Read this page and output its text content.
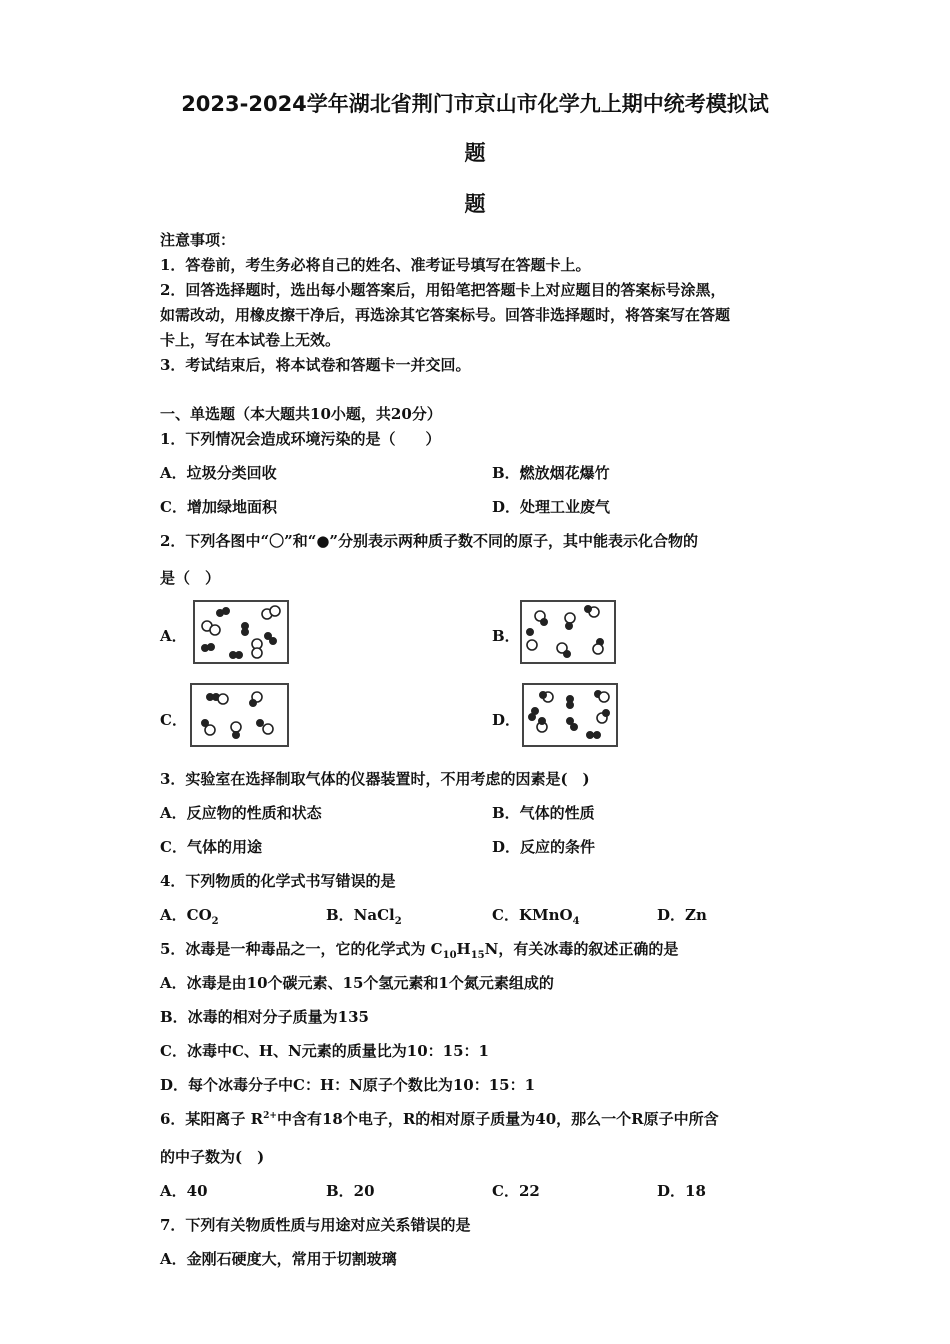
2023-2024学年湖北省荆门市京山市化学九上期中统考模拟试
题
题
注意事项：
1．答卷前，考生务必将自己的姓名、准考证号填写在答题卡上。
2．回答选择题时，选出每小题答案后，用铅笔把答题卡上对应题目的答案标号涂黑，
如需改动，用橡皮擦干净后，再选涂其它答案标号。回答非选择题时，将答案写在答题
卡上，写在本试卷上无效。
3．考试结束后，将本试卷和答题卡一并交回。
一、单选题（本大题共10小题，共20分）
1．下列情况会造成环境污染的是（　　）
A．垃圾分类回收	B．燃放烟花爆竹
C．增加绿地面积	D．处理工业废气
2．下列各图中“〇”和“●”分别表示两种质子数不同的原子，其中能表示化合物的
是（　）
A．	B．
C．	D．
3．实验室在选择制取气体的仪器装置时，不用考虑的因素是(　)
A．反应物的性质和状态	B．气体的性质
C．气体的用途	D．反应的条件
4．下列物质的化学式书写错误的是
A．$CO_2$	B．NaCl$_2$	C．KMnO$_4$	D．Zn
5．冰毒是一种毒品之一，它的化学式为 $C_{10}H_{15}N$，有关冰毒的叙述正确的是
A．冰毒是由10个碳元素、15个氢元素和1个氮元素组成的
B．冰毒的相对分子质量为135
C．冰毒中C、H、N元素的质量比为10：15：1
D．每个冰毒分子中C：H：N原子个数比为10：15：1
6．某阳离子 $R^{2+}$中含有18个电子，R的相对原子质量为40，那么一个R原子中所含
的中子数为(　)
A．40	B．20	C．22	D．18
7．下列有关物质性质与用途对应关系错误的是
A．金刚石硬度大，常用于切割玻璃
